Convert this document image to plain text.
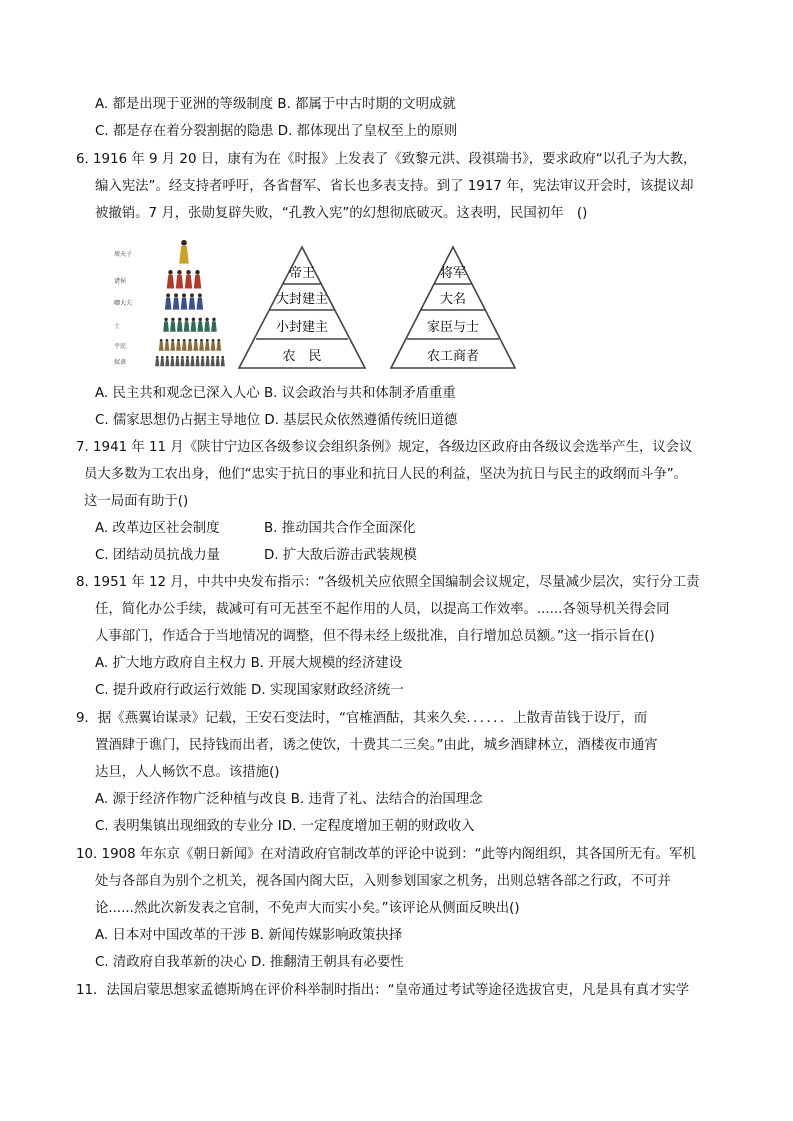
A. 都是出现于亚洲的等级制度 B. 都属于中古时期的文明成就
C. 都是存在着分裂割据的隐患 D. 都体现出了皇权至上的原则
6. 1916 年 9 月 20 日，康有为在《时报》上发表了《致黎元洪、段祺瑞书》，要求政府“以孔子为大教，
编入宪法”。经支持者呼吁，各省督军、省长也多表支持。到了 1917 年，宪法审议开会时，该提议却
被撤销。7 月，张勋复辟失败，“孔教入宪”的幻想彻底破灭。这表明，民国初年　()
周天子
诸侯
卿大夫
士
平民
奴隶
帝王
大封建主
小封建主
农　民
将军
大名
家臣与士
农工商者
A. 民主共和观念已深入人心 B. 议会政治与共和体制矛盾重重
C. 儒家思想仍占据主导地位 D. 基层民众依然遵循传统旧道德
7. 1941 年 11 月《陕甘宁边区各级参议会组织条例》规定，各级边区政府由各级议会选举产生，议会议
员大多数为工农出身，他们“忠实于抗日的事业和抗日人民的利益，坚决为抗日与民主的政纲而斗争”。
这一局面有助于()
A. 改革边区社会制度	B. 推动国共合作全面深化
C. 团结动员抗战力量	D. 扩大敌后游击武装规模
8. 1951 年 12 月，中共中央发布指示：“各级机关应依照全国编制会议规定，尽量减少层次，实行分工责
任，简化办公手续，裁减可有可无甚至不起作用的人员，以提高工作效率。......各领导机关得会同
人事部门，作适合于当地情况的调整，但不得未经上级批准，自行增加总员额。”这一指示旨在()
A. 扩大地方政府自主权力 B. 开展大规模的经济建设
C. 提升政府行政运行效能 D. 实现国家财政经济统一
9．据《燕翼诒谋录》记载，王安石变法时，“官榷酒酤，其来久矣．．．．．．上散青苗钱于设厅，而
置酒肆于谯门，民持钱而出者，诱之使饮，十费其二三矣。”由此，城乡酒肆林立，酒楼夜市通宵
达旦，人人畅饮不息。该措施()
A. 源于经济作物广泛种植与改良 B. 违背了礼、法结合的治国理念
C. 表明集镇出现细致的专业分 ID. 一定程度增加王朝的财政收入
10. 1908 年东京《朝日新闻》在对清政府官制改革的评论中说到：“此等内阁组织，其各国所无有。军机
处与各部自为别个之机关，视各国内阁大臣，入则参划国家之机务，出则总辖各部之行政，不可并
论......然此次新发表之官制，不免声大而实小矣。”该评论从侧面反映出()
A. 日本对中国改革的干涉 B. 新闻传媒影响政策抉择
C. 清政府自我革新的决心 D. 推翻清王朝具有必要性
11．法国启蒙思想家孟德斯鸠在评价科举制时指出：“皇帝通过考试等途径选拔官吏，凡是具有真才实学
